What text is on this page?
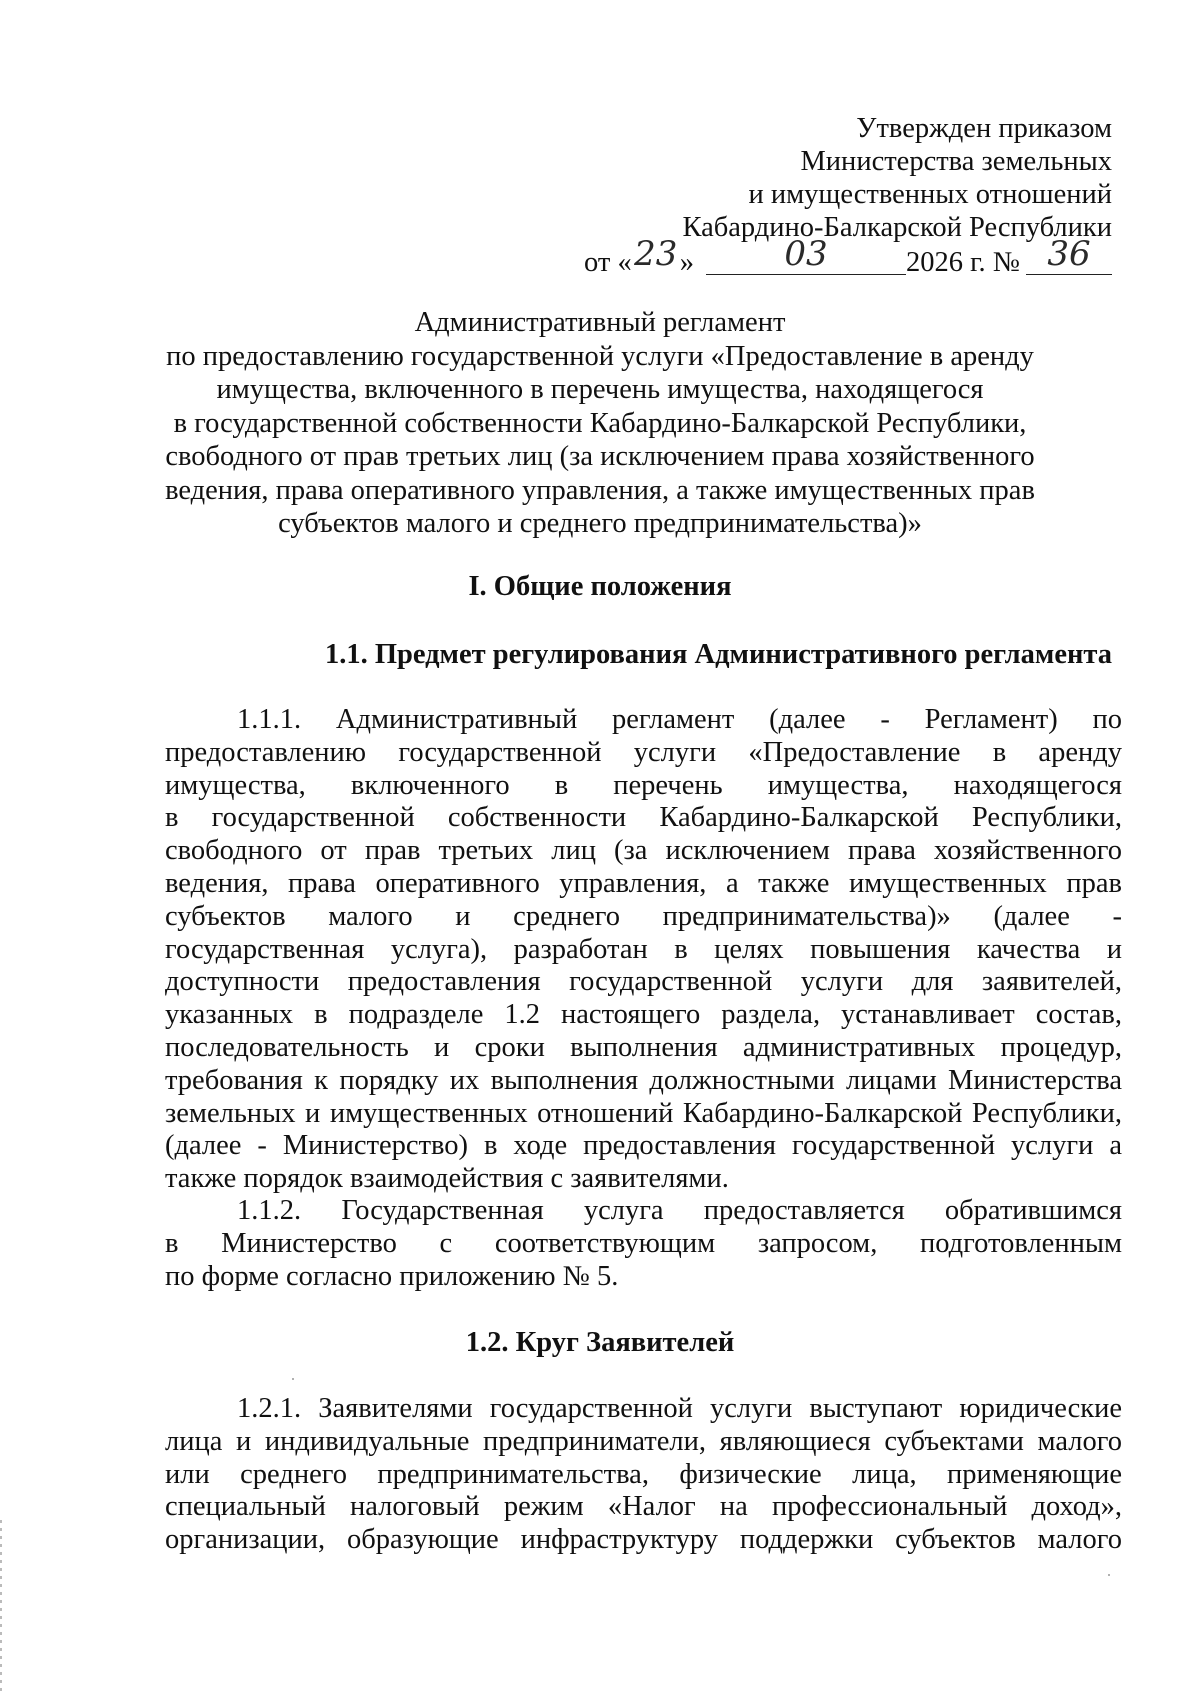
Утвержден приказом
Министерства земельных
и имущественных отношений
Кабардино-Балкарской Республики
от «23»	03	2026 г. № 36
Административный регламент
по предоставлению государственной услуги «Предоставление в аренду
имущества, включенного в перечень имущества, находящегося
в государственной собственности Кабардино-Балкарской Республики,
свободного от прав третьих лиц (за исключением права хозяйственного
ведения, права оперативного управления, а также имущественных прав
субъектов малого и среднего предпринимательства)»
I. Общие положения
1.1. Предмет регулирования Административного регламента
1.1.1. Административный регламент (далее - Регламент) по
предоставлению государственной услуги «Предоставление в аренду
имущества, включенного в перечень имущества, находящегося
в государственной собственности Кабардино-Балкарской Республики,
свободного от прав третьих лиц (за исключением права хозяйственного
ведения, права оперативного управления, а также имущественных прав
субъектов малого и среднего предпринимательства)» (далее -
государственная услуга), разработан в целях повышения качества и
доступности предоставления государственной услуги для заявителей,
указанных в подразделе 1.2 настоящего раздела, устанавливает состав,
последовательность и сроки выполнения административных процедур,
требования к порядку их выполнения должностными лицами Министерства
земельных и имущественных отношений Кабардино-Балкарской Республики,
(далее - Министерство) в ходе предоставления государственной услуги а
также порядок взаимодействия с заявителями.
1.1.2. Государственная услуга предоставляется обратившимся
в Министерство с соответствующим запросом, подготовленным
по форме согласно приложению № 5.
1.2. Круг Заявителей
1.2.1. Заявителями государственной услуги выступают юридические
лица и индивидуальные предприниматели, являющиеся субъектами малого
или среднего предпринимательства, физические лица, применяющие
специальный налоговый режим «Налог на профессиональный доход»,
организации, образующие инфраструктуру поддержки субъектов малого
